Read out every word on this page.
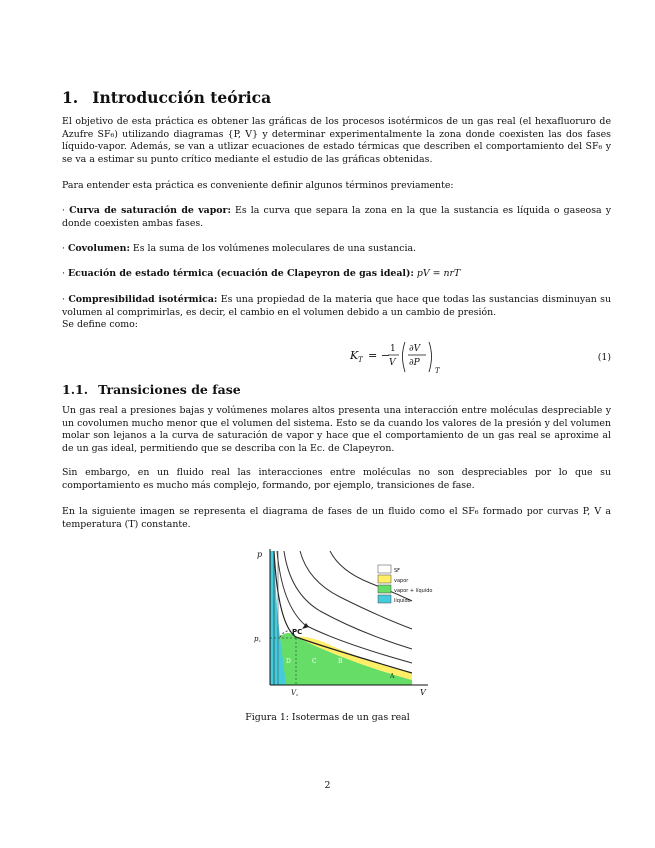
1. Introducción teórica
El objetivo de esta práctica es obtener las gráficas de los procesos isotérmicos de un gas real (el hexafluoruro de Azufre SF₆) utilizando diagramas {P, V} y determinar experimentalmente la zona donde coexisten las dos fases líquido-vapor. Además, se van a utlizar ecuaciones de estado térmicas que describen el comportamiento del SF₆ y se va a estimar su punto crítico mediante el estudio de las gráficas obtenidas.
Para entender esta práctica es conveniente definir algunos términos previamente:
· Curva de saturación de vapor: Es la curva que separa la zona en la que la sustancia es líquida o gaseosa y donde coexisten ambas fases.
· Covolumen: Es la suma de los volúmenes moleculares de una sustancia.
· Ecuación de estado térmica (ecuación de Clapeyron de gas ideal): pV = nrT
· Compresibilidad isotérmica: Es una propiedad de la materia que hace que todas las sustancias disminuyan su volumen al comprimirlas, es decir, el cambio en el volumen debido a un cambio de presión.
Se define como:
K T = − 1
V
∂V
∂P
T
(1)
1.1. Transiciones de fase
Un gas real a presiones bajas y volúmenes molares altos presenta una interacción entre moléculas despreciable y un covolumen mucho menor que el volumen del sistema. Esto se da cuando los valores de la presión y del volumen molar son lejanos a la curva de saturación de vapor y hace que el comportamiento de un gas real se aproxime al de un gas ideal, permitiendo que se describa con la Ec. de Clapeyron.
Sin embargo, en un fluido real las interacciones entre moléculas no son despreciables por lo que su comportamiento es mucho más complejo, formando, por ejemplo, transiciones de fase.
En la siguiente imagen se representa el diagrama de fases de un fluido como el SF₆ formado por curvas P, V a temperatura (T) constante.
p
V
p꜀
V꜀
PC
D	C	B
A
SF
vapor
vapor + líquido
líquido
Figura 1: Isotermas de un gas real
2
